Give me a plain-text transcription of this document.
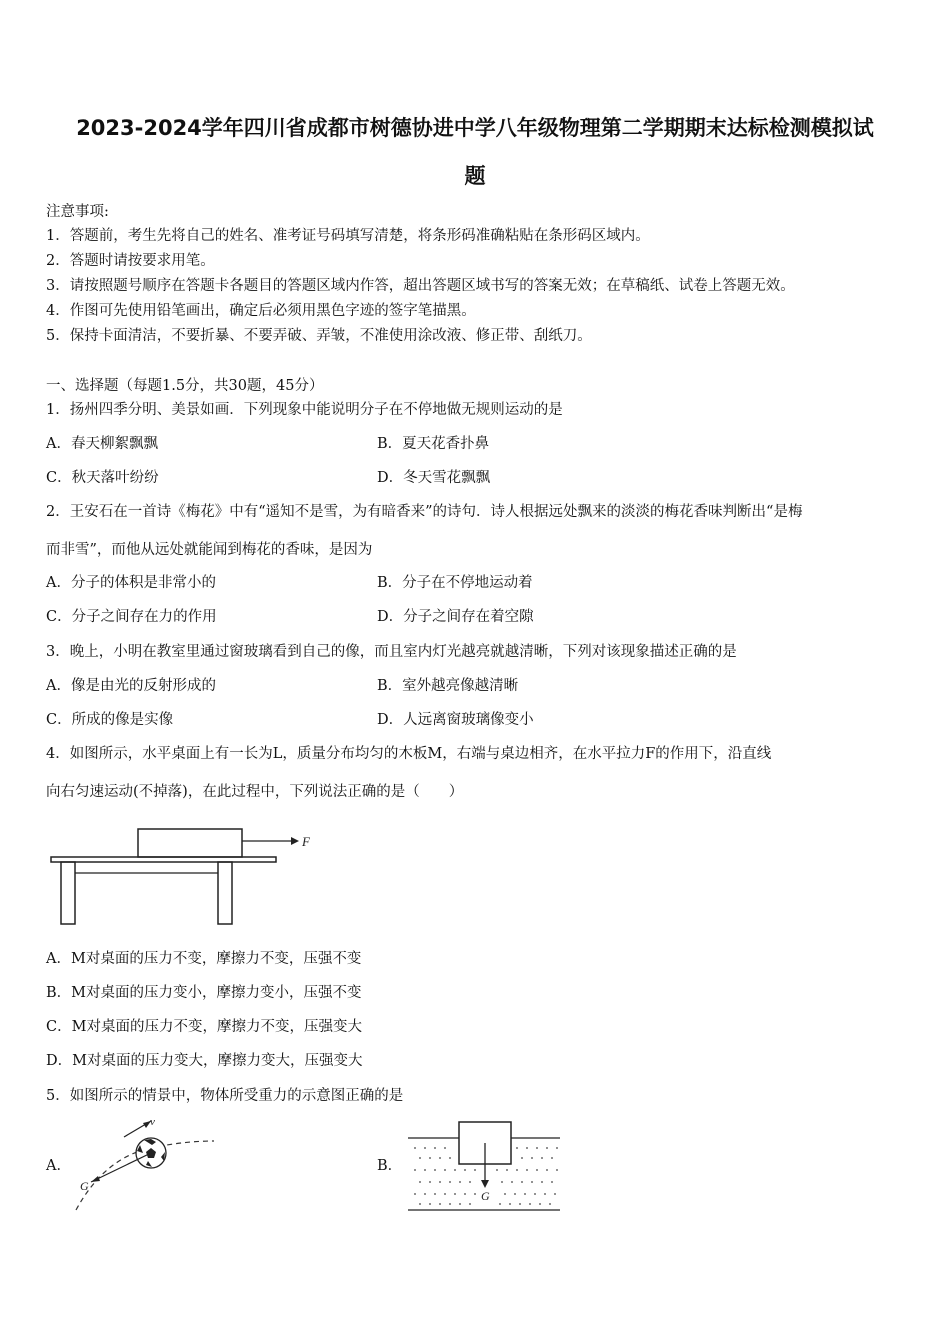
2023-2024学年四川省成都市树德协进中学八年级物理第二学期期末达标检测模拟试
题
注意事项:
1．答题前，考生先将自己的姓名、准考证号码填写清楚，将条形码准确粘贴在条形码区域内。
2．答题时请按要求用笔。
3．请按照题号顺序在答题卡各题目的答题区域内作答，超出答题区域书写的答案无效；在草稿纸、试卷上答题无效。
4．作图可先使用铅笔画出，确定后必须用黑色字迹的签字笔描黑。
5．保持卡面清洁，不要折暴、不要弄破、弄皱，不准使用涂改液、修正带、刮纸刀。
一、选择题（每题1.5分，共30题，45分）
1．扬州四季分明、美景如画．下列现象中能说明分子在不停地做无规则运动的是
A．春天柳絮飘飘	B．夏天花香扑鼻
C．秋天落叶纷纷	D．冬天雪花飘飘
2．王安石在一首诗《梅花》中有“遥知不是雪，为有暗香来”的诗句．诗人根据远处飘来的淡淡的梅花香味判断出“是梅
而非雪”，而他从远处就能闻到梅花的香味，是因为
A．分子的体积是非常小的	B．分子在不停地运动着
C．分子之间存在力的作用	D．分子之间存在着空隙
3．晚上，小明在教室里通过窗玻璃看到自己的像，而且室内灯光越亮就越清晰，下列对该现象描述正确的是
A．像是由光的反射形成的	B．室外越亮像越清晰
C．所成的像是实像	D．人远离窗玻璃像变小
4．如图所示，水平桌面上有一长为L，质量分布均匀的木板M，右端与桌边相齐，在水平拉力F的作用下，沿直线
向右匀速运动(不掉落)，在此过程中，下列说法正确的是（　　）
F
A．M对桌面的压力不变，摩擦力不变，压强不变
B．M对桌面的压力变小，摩擦力变小，压强不变
C．M对桌面的压力不变，摩擦力不变，压强变大
D．M对桌面的压力变大，摩擦力变大，压强变大
5．如图所示的情景中，物体所受重力的示意图正确的是
A．	B．
v
G
G
